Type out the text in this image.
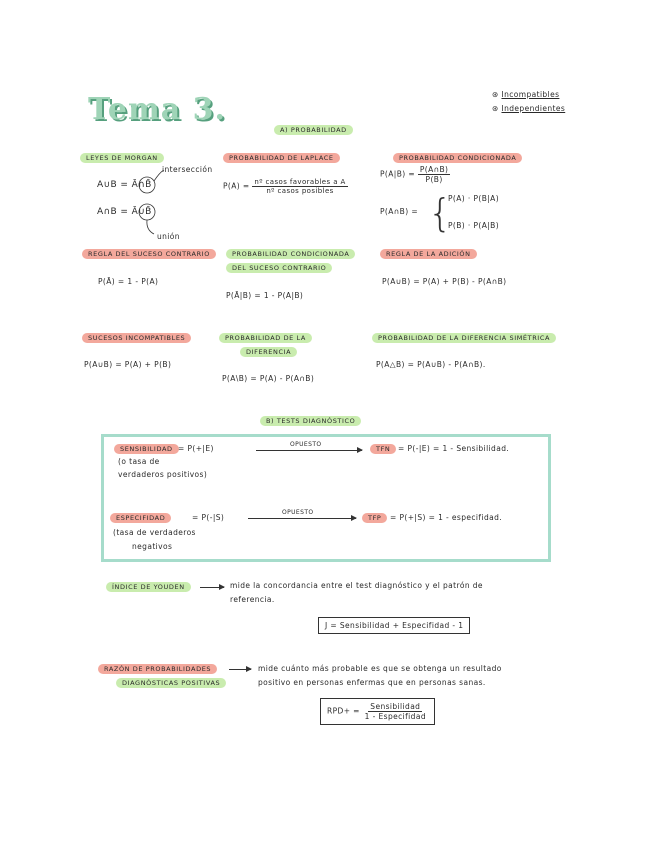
Tema 3.	⊛ Incompatibles
⊛ Independientes
A) PROBABILIDAD
LEYES DE MORGAN
intersección
A∪B = Ā∩B̄
A∩B = Ā∪B̄
unión
PROBABILIDAD DE LAPLACE
$P(A) = \frac{\text{nº casos favorables a A}}{\text{nº casos posibles}}$
PROBABILIDAD CONDICIONADA
$P(A|B) = \frac{P(A\cap B)}{P(B)}$
P(A∩B) = {
P(A) · P(B|A)
P(B) · P(A|B)
REGLA DEL SUCESO CONTRARIO
P(Ā) = 1 - P(A)
PROBABILIDAD CONDICIONADA
DEL SUCESO CONTRARIO
P(Ā|B) = 1 - P(A|B)
REGLA DE LA ADICIÓN
P(A∪B) = P(A) + P(B) - P(A∩B)
SUCESOS INCOMPATIBLES
P(A∪B) = P(A) + P(B)
PROBABILIDAD DE LA
DIFERENCIA
P(A\B) = P(A) - P(A∩B)
PROBABILIDAD DE LA DIFERENCIA SIMÉTRICA
P(A△B) = P(A∪B) - P(A∩B).
B) TESTS DIAGNÓSTICO
SENSIBILIDAD = P(+|E)
(o tasa de
verdaderos positivos)
OPUESTO
TFN	= P(-|E) = 1 - Sensibilidad.
ESPECIFIDAD	= P(-|S)
(tasa de verdaderos
negativos
OPUESTO
TFP	= P(+|S) = 1 - especifidad.
ÍNDICE DE YOUDEN	mide la concordancia entre el test diagnóstico y el patrón de
referencia.
J = Sensibilidad + Especifidad - 1
RAZÓN DE PROBABILIDADES
DIAGNÓSTICAS POSITIVAS
mide cuánto más probable es que se obtenga un resultado
positivo en personas enfermas que en personas sanas.
$RPD+ = \frac{\text{Sensibilidad}}{\text{1 - Especifidad}}$
